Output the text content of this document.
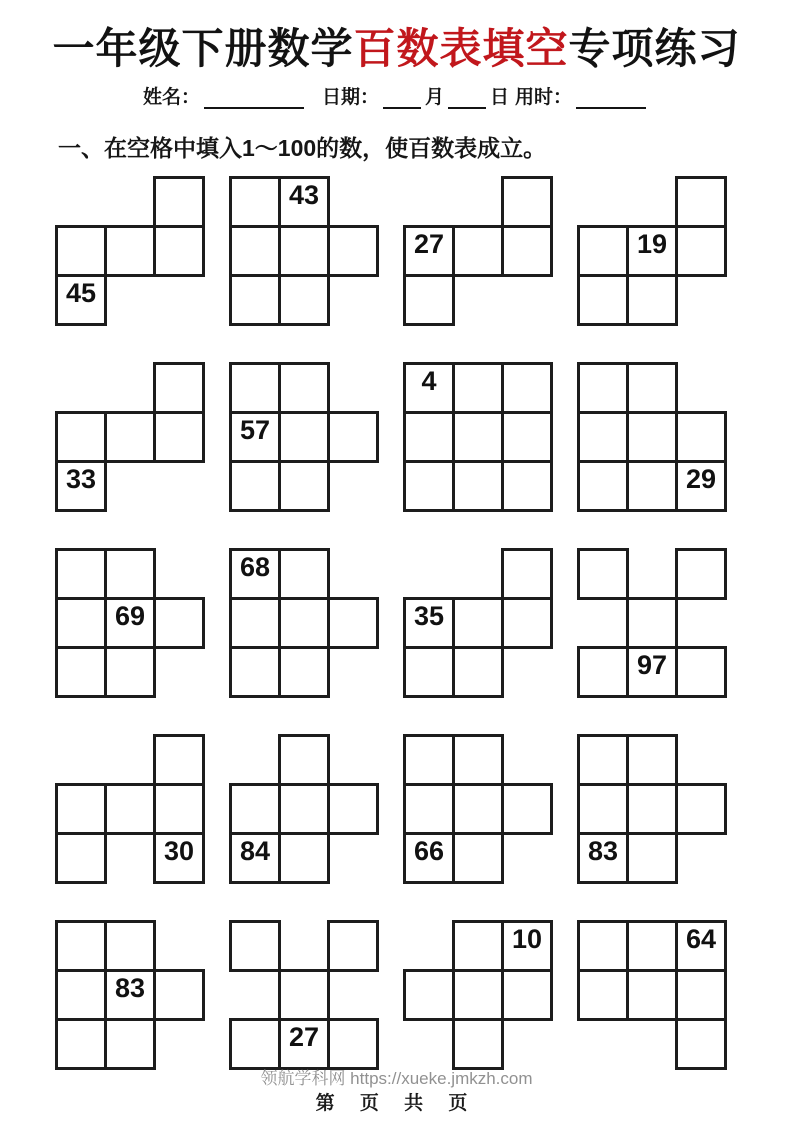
一年级下册数学百数表填空专项练习
姓名：	日期： 月 日 用时：
一、在空格中填入1～100的数，使百数表成立。
45
43
27	19
33
57
4
29
69
68
35
97
30 84	66	83
83
27
10	64
领航学科网 https://xueke.jmkzh.com
第 页 共 页
